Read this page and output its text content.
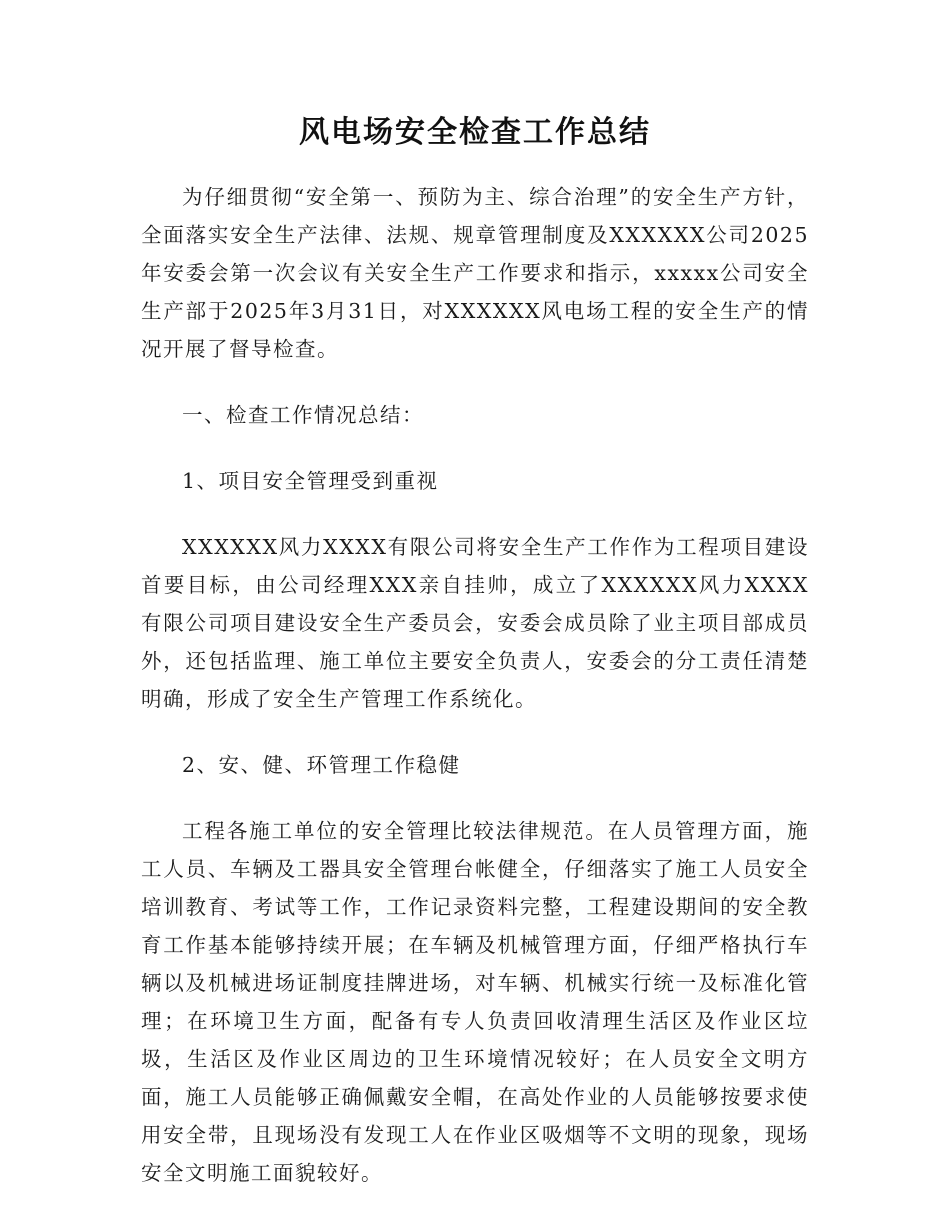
风电场安全检查工作总结

为仔细贯彻“安全第一、预防为主、综合治理”的安全生产方针，全面落实安全生产法律、法规、规章管理制度及XXXXXX公司2025年安委会第一次会议有关安全生产工作要求和指示，xxxxx公司安全生产部于2025年3月31日，对XXXXXX风电场工程的安全生产的情况开展了督导检查。

一、检查工作情况总结：

1、项目安全管理受到重视

XXXXXX风力XXXX有限公司将安全生产工作作为工程项目建设首要目标，由公司经理XXX亲自挂帅，成立了XXXXXX风力XXXX有限公司项目建设安全生产委员会，安委会成员除了业主项目部成员外，还包括监理、施工单位主要安全负责人，安委会的分工责任清楚明确，形成了安全生产管理工作系统化。

2、安、健、环管理工作稳健

工程各施工单位的安全管理比较法律规范。在人员管理方面，施工人员、车辆及工器具安全管理台帐健全，仔细落实了施工人员安全培训教育、考试等工作，工作记录资料完整，工程建设期间的安全教育工作基本能够持续开展；在车辆及机械管理方面，仔细严格执行车辆以及机械进场证制度挂牌进场，对车辆、机械实行统一及标准化管理；在环境卫生方面，配备有专人负责回收清理生活区及作业区垃圾，生活区及作业区周边的卫生环境情况较好；在人员安全文明方面，施工人员能够正确佩戴安全帽，在高处作业的人员能够按要求使用安全带，且现场没有发现工人在作业区吸烟等不文明的现象，现场安全文明施工面貌较好。
